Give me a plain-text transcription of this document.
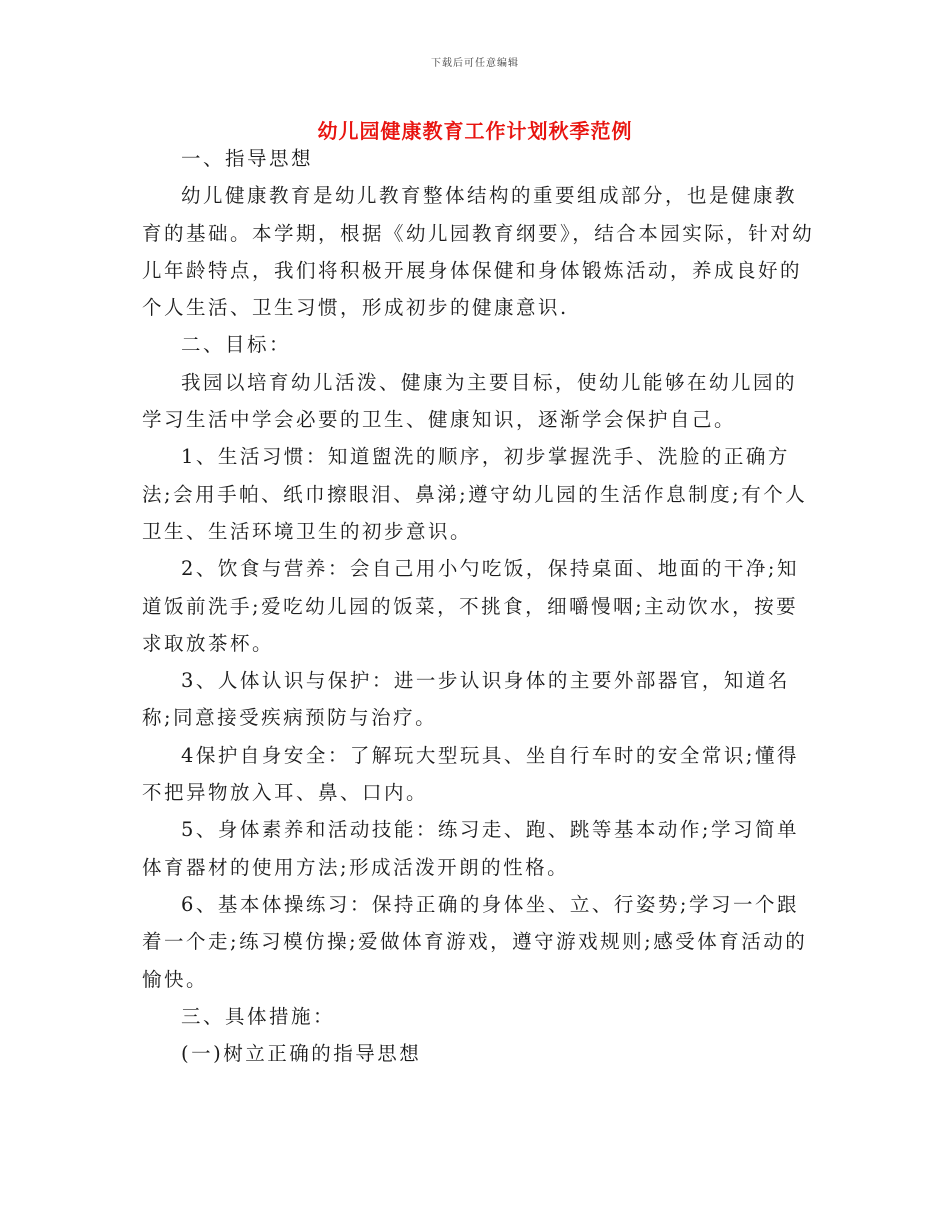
下载后可任意编辑
幼儿园健康教育工作计划秋季范例

一、指导思想

幼儿健康教育是幼儿教育整体结构的重要组成部分，也是健康教育的基础。本学期，根据《幼儿园教育纲要》，结合本园实际，针对幼儿年龄特点，我们将积极开展身体保健和身体锻炼活动，养成良好的个人生活、卫生习惯，形成初步的健康意识.

二、目标：

我园以培育幼儿活泼、健康为主要目标，使幼儿能够在幼儿园的学习生活中学会必要的卫生、健康知识，逐渐学会保护自己。

1、生活习惯：知道盥洗的顺序，初步掌握洗手、洗脸的正确方法;会用手帕、纸巾擦眼泪、鼻涕;遵守幼儿园的生活作息制度;有个人卫生、生活环境卫生的初步意识。

2、饮食与营养：会自己用小勺吃饭，保持桌面、地面的干净;知道饭前洗手;爱吃幼儿园的饭菜，不挑食，细嚼慢咽;主动饮水，按要求取放茶杯。

3、人体认识与保护：进一步认识身体的主要外部器官，知道名称;同意接受疾病预防与治疗。

4保护自身安全：了解玩大型玩具、坐自行车时的安全常识;懂得不把异物放入耳、鼻、口内。

5、身体素养和活动技能：练习走、跑、跳等基本动作;学习简单体育器材的使用方法;形成活泼开朗的性格。

6、基本体操练习：保持正确的身体坐、立、行姿势;学习一个跟着一个走;练习模仿操;爱做体育游戏，遵守游戏规则;感受体育活动的愉快。

三、具体措施：

(一)树立正确的指导思想
